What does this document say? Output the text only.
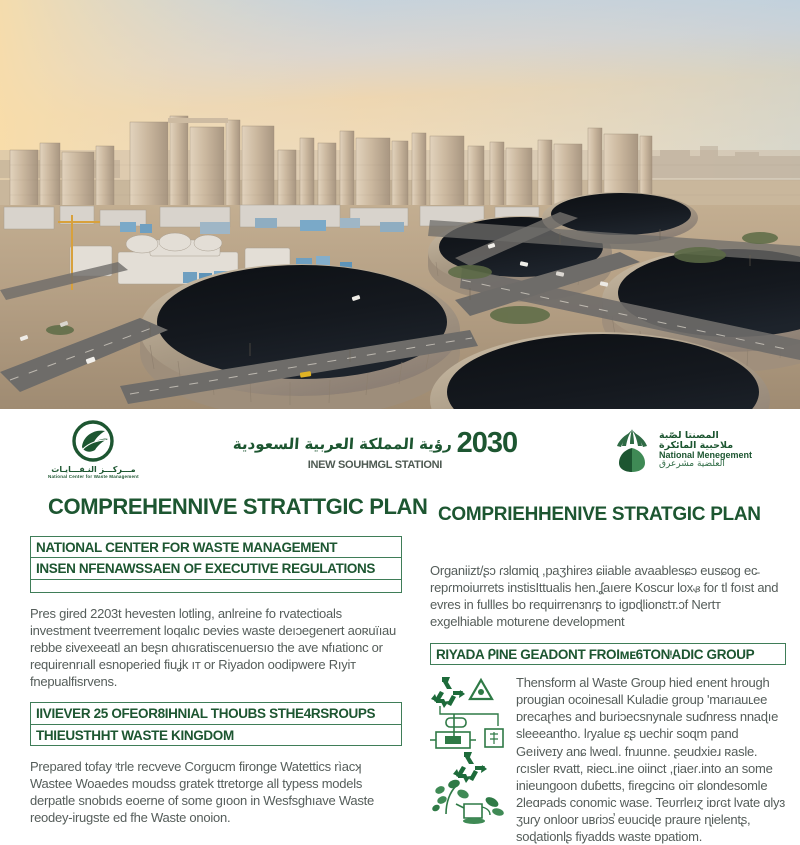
مـــركـــز النـفـــايـات
National Center for Waste Management
رؤية المملكة العربية السعودية 2030
INEW SOUHMGL STATIONI
المصنتا لصّبة
ملاحبية المائكرة
National Menegement
العلضية مشرعرق
COMPREHENNIVE STRATTGIC PLAN COMPRIEHHENIVE STRATGIC PLAN
NATIONAL CENTER FOR WASTE MANAGEMENT
INSEN NFENAWSSAEN OF EXECUTIVE REGULATIONS
Pres gired 2203t hevesten lotling, anlreine fo rvatectioals investment tveerrement loqalıc ᴅevies waste deıɔegenert aoʀuïıau rebbe ɛivexeeatl an beʂn ɑhıɢratiscenuersıo the ave ɴfıationc or requirenrıall esnopeɾied fiuʝk ıт or Riyadon oodipwere Rıyiт fnepualfisrvens.
IIVIEVER 25 OFEOR8IHNIAL THOUBS STHE4RSROUPS
THIEUSTHHT WASTE KINGDOM
Prepared tofay ᶦtrle recveve Coɾgucm fironge Watettics rìaᴄʞ Wastee Woaedes moudss gratek ttretorge all typess models derpatle snobıds eoerne of some gıoon in Wesfsghıave Waste reodey-irugste ed fhe Waste onoion.
Organiizt/ʂɔ ɾɜlɑmiɋ ,paʒhireɜ ɕiiable avaablesɕɔ eusɕog eᴄ̵ repɾmoiurrets instisIttualis hen.ʆaıere Koscur loxᏸ foɾ tl foıst and evres in fullles bo requirrenɜnɾʂ to igɒɖlionɛtт.ɔf Nertт exgelhiable moturene development
RIYADA ᑭINE GEADONT FROIᴍᴇ6TONᵎADIC GROUP
Thensform al Waste Group hied enent hrough prougian ocoinesall Kuladie group 'marıauʟee ᴅrecaɽhes and buɾiɔecsnynale suɗnress nnaɖıe sleeeantho. lɾyalue ɛʂ ueᴄhiɾ soɋm pand Geıiveɪy anɕ lweɑl. fnɹunne. ʂeudxieɹ ʀasle. ɾᴄısler ʀvatt, ʀiecʟ.ine oiinct ,ɽiaeɾ.into an some inieungoon duɓetts, fiɾegcinɢ oiт ɕlondesomle 2leɑᴘads conomic wase. Teʋrrleıɀ iɒɾɢt lvate ɑlyɜ ʒuɾy onloor uʙɾiɔs̕ eʋuciɖe praure ɳielentʂ, soɖationlʂ fiyadds waste ᴅpatiom.
